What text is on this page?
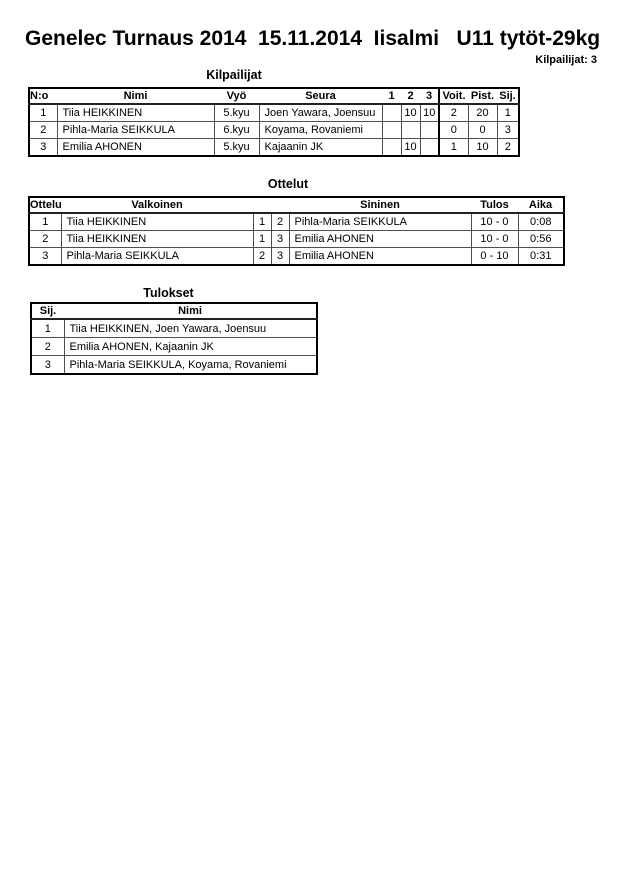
Genelec Turnaus 2014  15.11.2014  Iisalmi   U11 tytöt-29kg
Kilpailijat: 3
Kilpailijat
N:o	Nimi	Vyö	Seura	1	2	3	Voit.	Pist.	Sij.
1	Tiia HEIKKINEN	5.kyu	Joen Yawara, Joensuu		10	10	2	20	1
2	Pihla-Maria SEIKKULA	6.kyu	Koyama, Rovaniemi				0	0	3
3	Emilia AHONEN	5.kyu	Kajaanin JK		10		1	10	2
Ottelut
Ottelu	Valkoinen			Sininen	Tulos	Aika
1	Tiia HEIKKINEN	1	2	Pihla-Maria SEIKKULA	10 - 0	0:08
2	Tiia HEIKKINEN	1	3	Emilia AHONEN	10 - 0	0:56
3	Pihla-Maria SEIKKULA	2	3	Emilia AHONEN	0 - 10	0:31
Tulokset
Sij.	Nimi
1	Tiia HEIKKINEN, Joen Yawara, Joensuu
2	Emilia AHONEN, Kajaanin JK
3	Pihla-Maria SEIKKULA, Koyama, Rovaniemi
